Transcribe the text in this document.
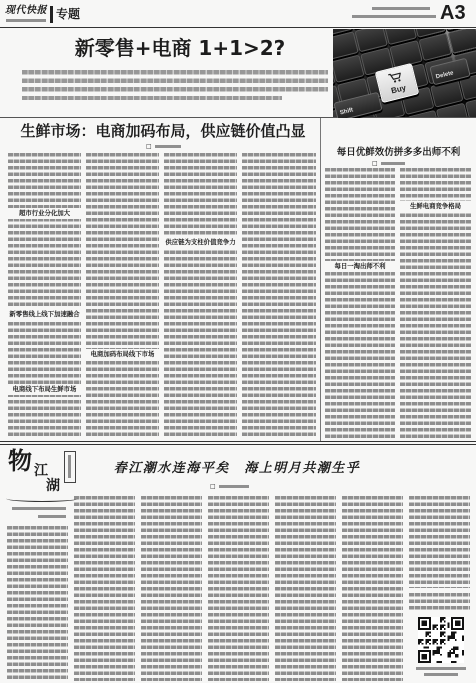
现代快报 专题	A3
新零售+电商 1+1>2?
Shift
Delete
Buy
生鲜市场：电商加码布局，供应链价值凸显
□
超市行业分化加大
新零售线上线下加速融合
电商线下布局生鲜市场
电商加码布局线下市场
供应链为支柱价值竞争力
每日优鲜效仿拼多多出师不利
□
每日一淘出师不利
生鲜电商竞争格局
物 江
湖
春江潮水连海平矣　海上明月共潮生乎
□
